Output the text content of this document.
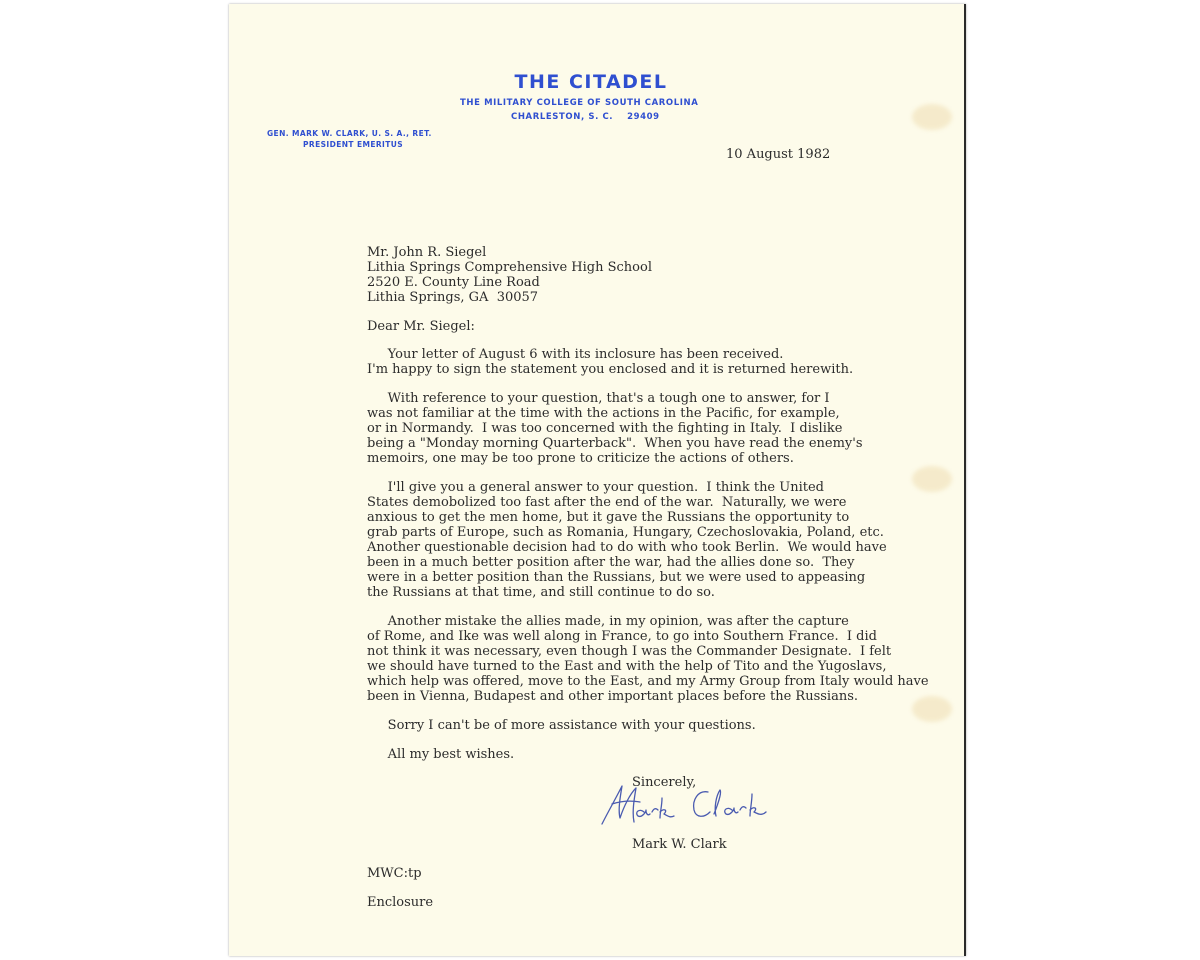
THE CITADEL
THE MILITARY COLLEGE OF SOUTH CAROLINA
CHARLESTON, S. C. 29409
GEN. MARK W. CLARK, U. S. A., RET.
PRESIDENT EMERITUS
10 August 1982
Mr. John R. Siegel
Lithia Springs Comprehensive High School
2520 E. County Line Road
Lithia Springs, GA  30057
Dear Mr. Siegel:
Your letter of August 6 with its inclosure has been received.
I'm happy to sign the statement you enclosed and it is returned herewith.
With reference to your question, that's a tough one to answer, for I
was not familiar at the time with the actions in the Pacific, for example,
or in Normandy.  I was too concerned with the fighting in Italy.  I dislike
being a "Monday morning Quarterback".  When you have read the enemy's
memoirs, one may be too prone to criticize the actions of others.
I'll give you a general answer to your question.  I think the United
States demobolized too fast after the end of the war.  Naturally, we were
anxious to get the men home, but it gave the Russians the opportunity to
grab parts of Europe, such as Romania, Hungary, Czechoslovakia, Poland, etc.
Another questionable decision had to do with who took Berlin.  We would have
been in a much better position after the war, had the allies done so.  They
were in a better position than the Russians, but we were used to appeasing
the Russians at that time, and still continue to do so.
Another mistake the allies made, in my opinion, was after the capture
of Rome, and Ike was well along in France, to go into Southern France.  I did
not think it was necessary, even though I was the Commander Designate.  I felt
we should have turned to the East and with the help of Tito and the Yugoslavs,
which help was offered, move to the East, and my Army Group from Italy would have
been in Vienna, Budapest and other important places before the Russians.
Sorry I can't be of more assistance with your questions.
All my best wishes.
Sincerely,
Mark W. Clark
MWC:tp
Enclosure
